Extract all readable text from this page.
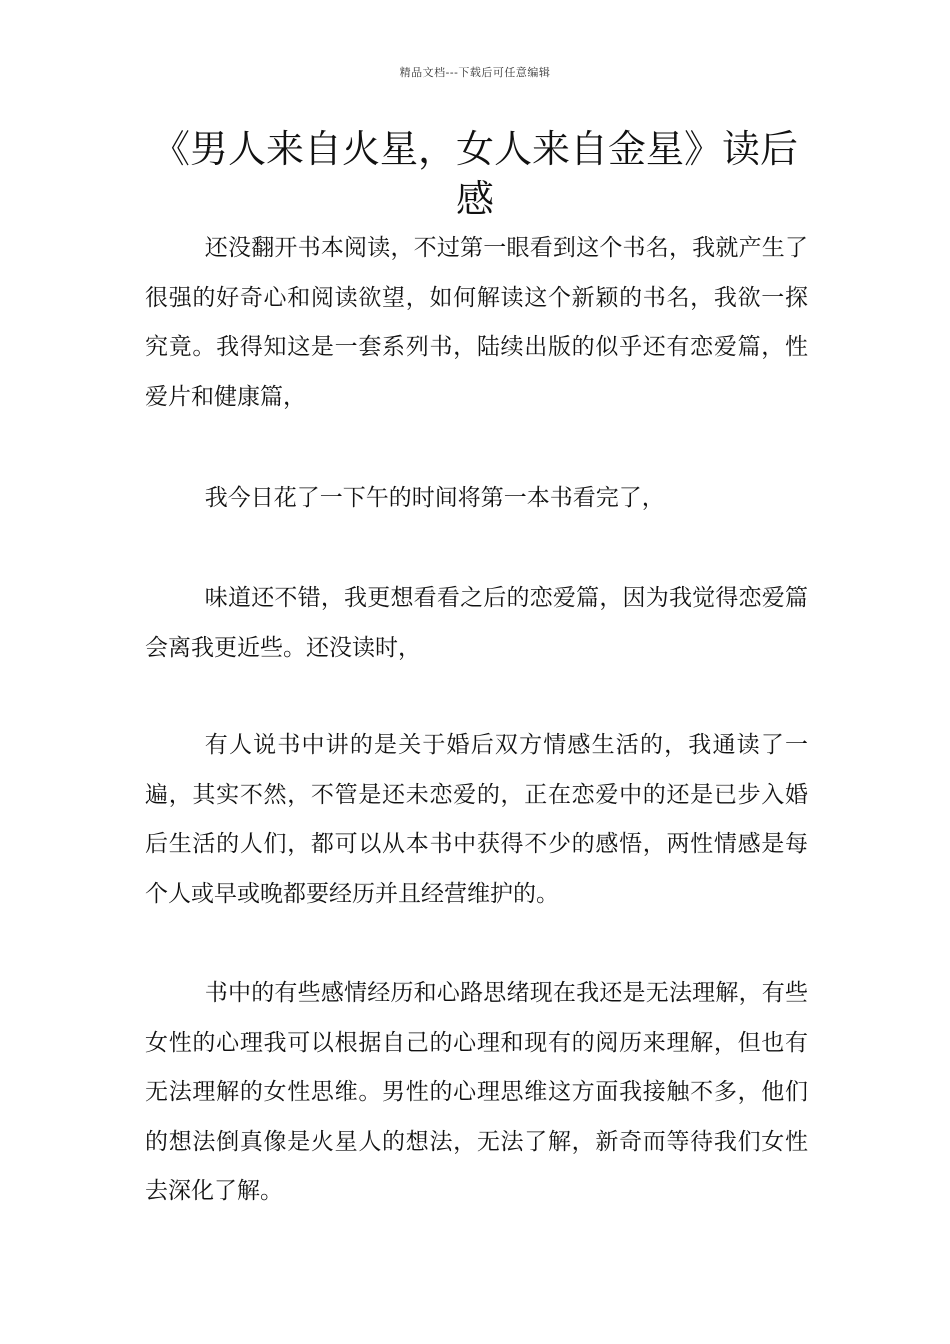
精品文档---下载后可任意编辑
《男人来自火星，女人来自金星》读后感

还没翻开书本阅读，不过第一眼看到这个书名，我就产生了很强的好奇心和阅读欲望，如何解读这个新颖的书名，我欲一探究竟。我得知这是一套系列书，陆续出版的似乎还有恋爱篇，性爱片和健康篇，

我今日花了一下午的时间将第一本书看完了，

味道还不错，我更想看看之后的恋爱篇，因为我觉得恋爱篇会离我更近些。还没读时，

有人说书中讲的是关于婚后双方情感生活的，我通读了一遍，其实不然，不管是还未恋爱的，正在恋爱中的还是已步入婚后生活的人们，都可以从本书中获得不少的感悟，两性情感是每个人或早或晚都要经历并且经营维护的。

书中的有些感情经历和心路思绪现在我还是无法理解，有些女性的心理我可以根据自己的心理和现有的阅历来理解，但也有无法理解的女性思维。男性的心理思维这方面我接触不多，他们的想法倒真像是火星人的想法，无法了解，新奇而等待我们女性去深化了解。
